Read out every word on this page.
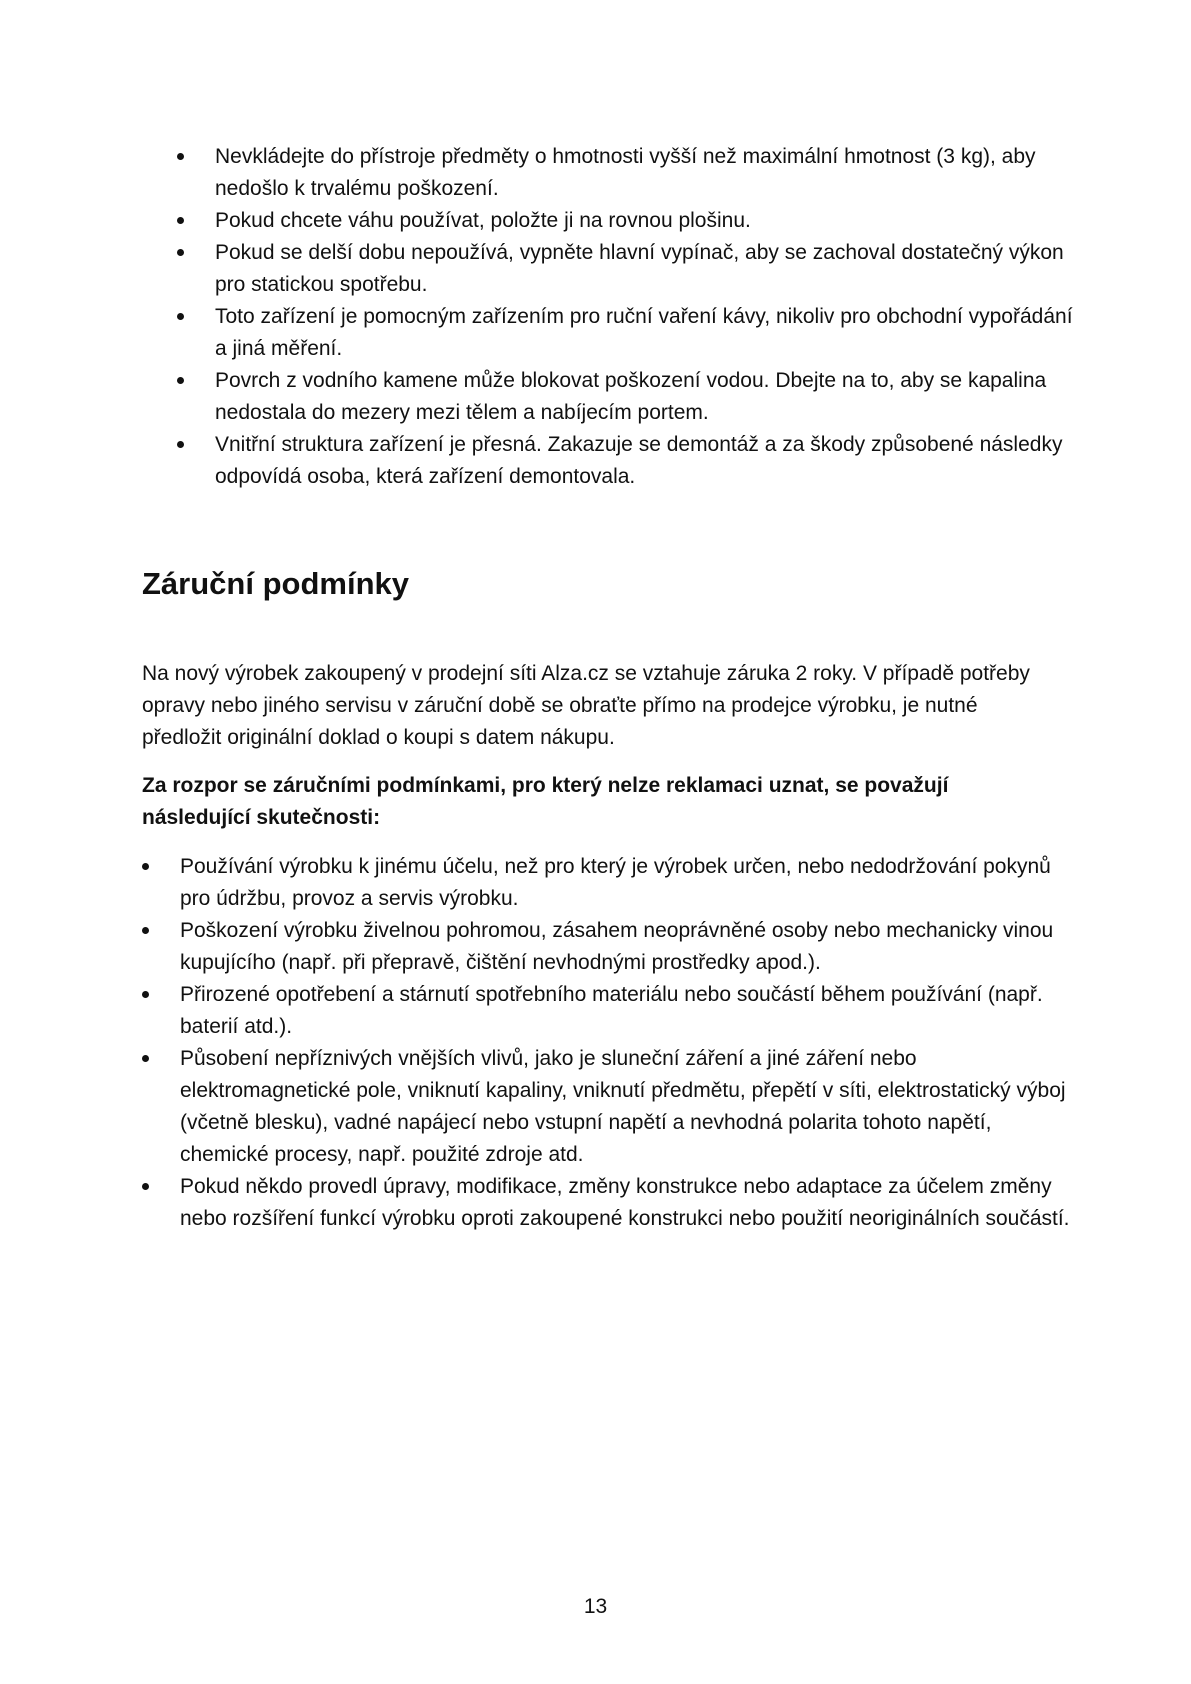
Nevkládejte do přístroje předměty o hmotnosti vyšší než maximální hmotnost (3 kg), aby nedošlo k trvalému poškození.
Pokud chcete váhu používat, položte ji na rovnou plošinu.
Pokud se delší dobu nepoužívá, vypněte hlavní vypínač, aby se zachoval dostatečný výkon pro statickou spotřebu.
Toto zařízení je pomocným zařízením pro ruční vaření kávy, nikoliv pro obchodní vypořádání a jiná měření.
Povrch z vodního kamene může blokovat poškození vodou. Dbejte na to, aby se kapalina nedostala do mezery mezi tělem a nabíjecím portem.
Vnitřní struktura zařízení je přesná. Zakazuje se demontáž a za škody způsobené následky odpovídá osoba, která zařízení demontovala.
Záruční podmínky

Na nový výrobek zakoupený v prodejní síti Alza.cz se vztahuje záruka 2 roky. V případě potřeby opravy nebo jiného servisu v záruční době se obraťte přímo na prodejce výrobku, je nutné předložit originální doklad o koupi s datem nákupu.

Za rozpor se záručními podmínkami, pro který nelze reklamaci uznat, se považují následující skutečnosti:

Používání výrobku k jinému účelu, než pro který je výrobek určen, nebo nedodržování pokynů pro údržbu, provoz a servis výrobku.
Poškození výrobku živelnou pohromou, zásahem neoprávněné osoby nebo mechanicky vinou kupujícího (např. při přepravě, čištění nevhodnými prostředky apod.).
Přirozené opotřebení a stárnutí spotřebního materiálu nebo součástí během používání (např. baterií atd.).
Působení nepříznivých vnějších vlivů, jako je sluneční záření a jiné záření nebo elektromagnetické pole, vniknutí kapaliny, vniknutí předmětu, přepětí v síti, elektrostatický výboj (včetně blesku), vadné napájecí nebo vstupní napětí a nevhodná polarita tohoto napětí, chemické procesy, např. použité zdroje atd.
Pokud někdo provedl úpravy, modifikace, změny konstrukce nebo adaptace za účelem změny nebo rozšíření funkcí výrobku oproti zakoupené konstrukci nebo použití neoriginálních součástí.
13
